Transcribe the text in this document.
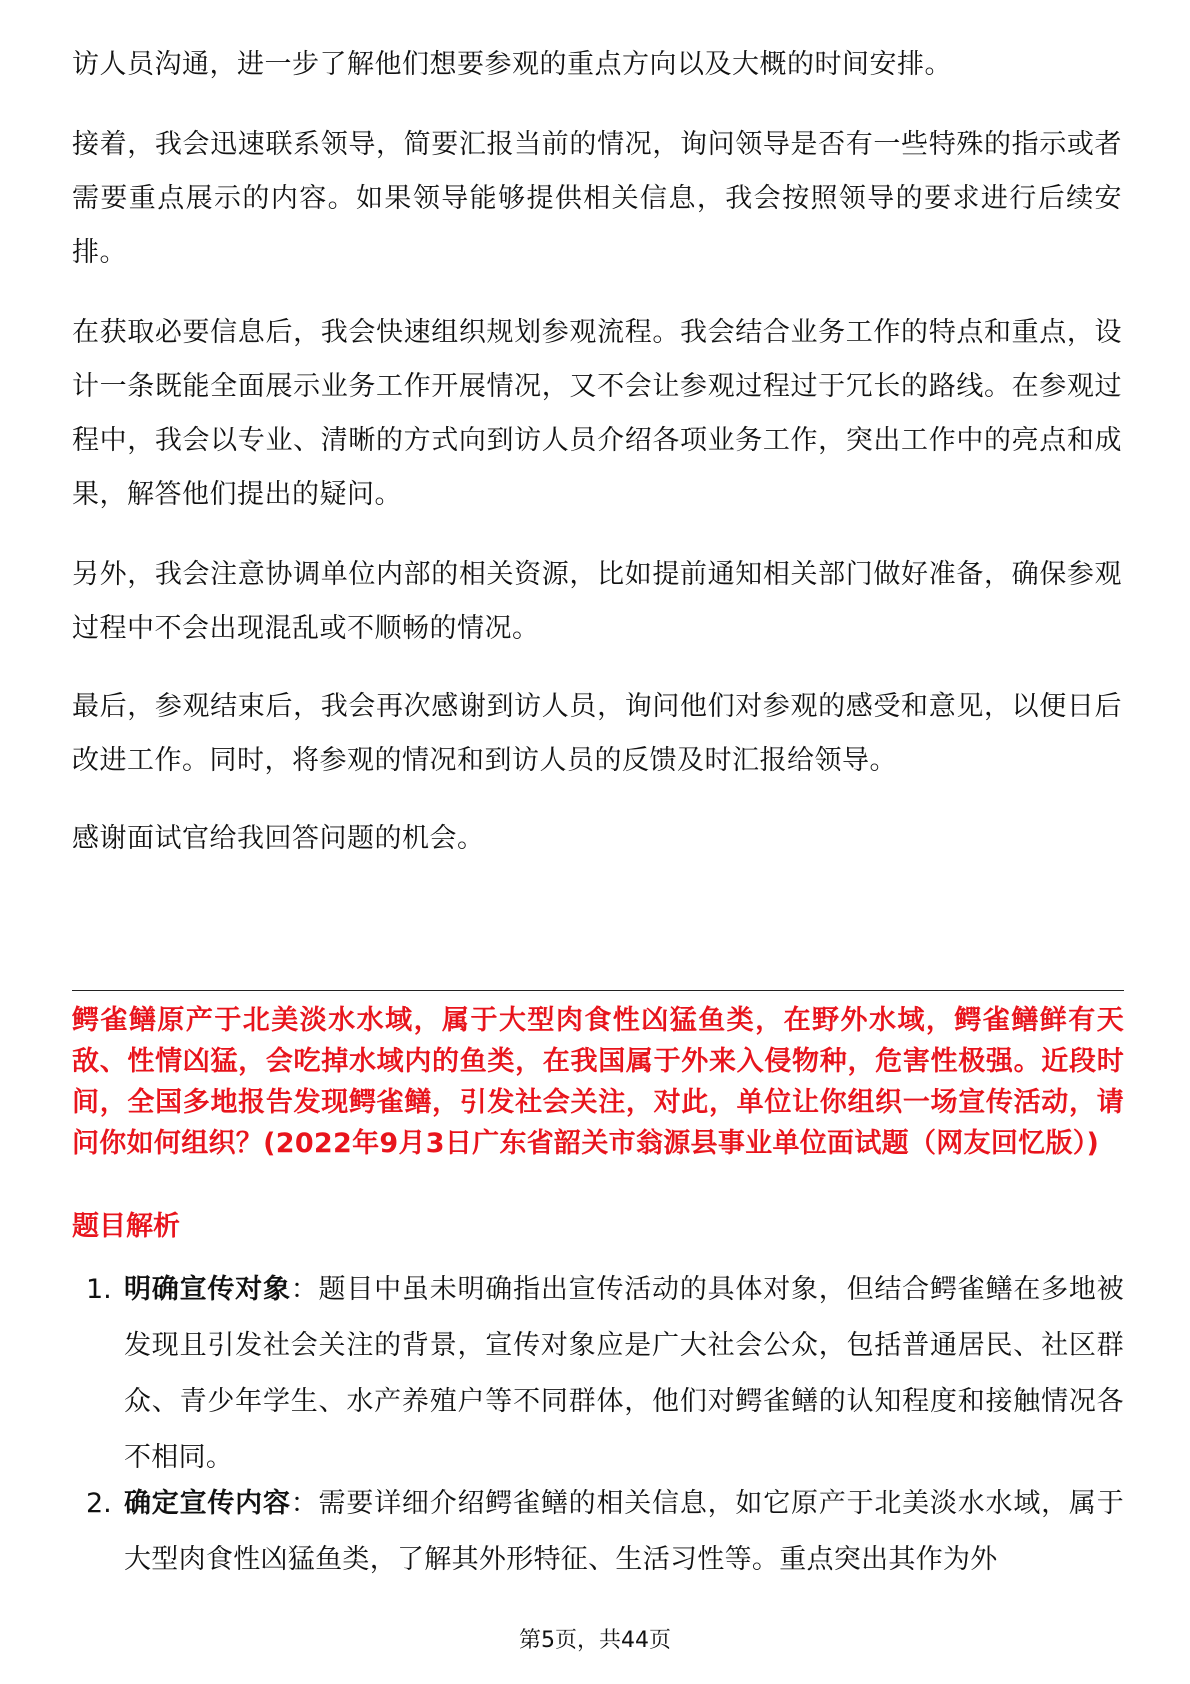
访人员沟通，进一步了解他们想要参观的重点方向以及大概的时间安排。

接着，我会迅速联系领导，简要汇报当前的情况，询问领导是否有一些特殊的指示或者需要重点展示的内容。如果领导能够提供相关信息，我会按照领导的要求进行后续安排。

在获取必要信息后，我会快速组织规划参观流程。我会结合业务工作的特点和重点，设计一条既能全面展示业务工作开展情况，又不会让参观过程过于冗长的路线。在参观过程中，我会以专业、清晰的方式向到访人员介绍各项业务工作，突出工作中的亮点和成果，解答他们提出的疑问。

另外，我会注意协调单位内部的相关资源，比如提前通知相关部门做好准备，确保参观过程中不会出现混乱或不顺畅的情况。

最后，参观结束后，我会再次感谢到访人员，询问他们对参观的感受和意见，以便日后改进工作。同时，将参观的情况和到访人员的反馈及时汇报给领导。

感谢面试官给我回答问题的机会。

鳄雀鳝原产于北美淡水水域，属于大型肉食性凶猛鱼类，在野外水域，鳄雀鳝鲜有天敌、性情凶猛，会吃掉水域内的鱼类，在我国属于外来入侵物种，危害性极强。近段时间，全国多地报告发现鳄雀鳝，引发社会关注，对此，单位让你组织一场宣传活动，请问你如何组织？(2022年9月3日广东省韶关市翁源县事业单位面试题（网友回忆版）)

题目解析

1. 明确宣传对象：题目中虽未明确指出宣传活动的具体对象，但结合鳄雀鳝在多地被发现且引发社会关注的背景，宣传对象应是广大社会公众，包括普通居民、社区群众、青少年学生、水产养殖户等不同群体，他们对鳄雀鳝的认知程度和接触情况各不相同。
2. 确定宣传内容：需要详细介绍鳄雀鳝的相关信息，如它原产于北美淡水水域，属于大型肉食性凶猛鱼类，了解其外形特征、生活习性等。重点突出其作为外
第5页，共44页
